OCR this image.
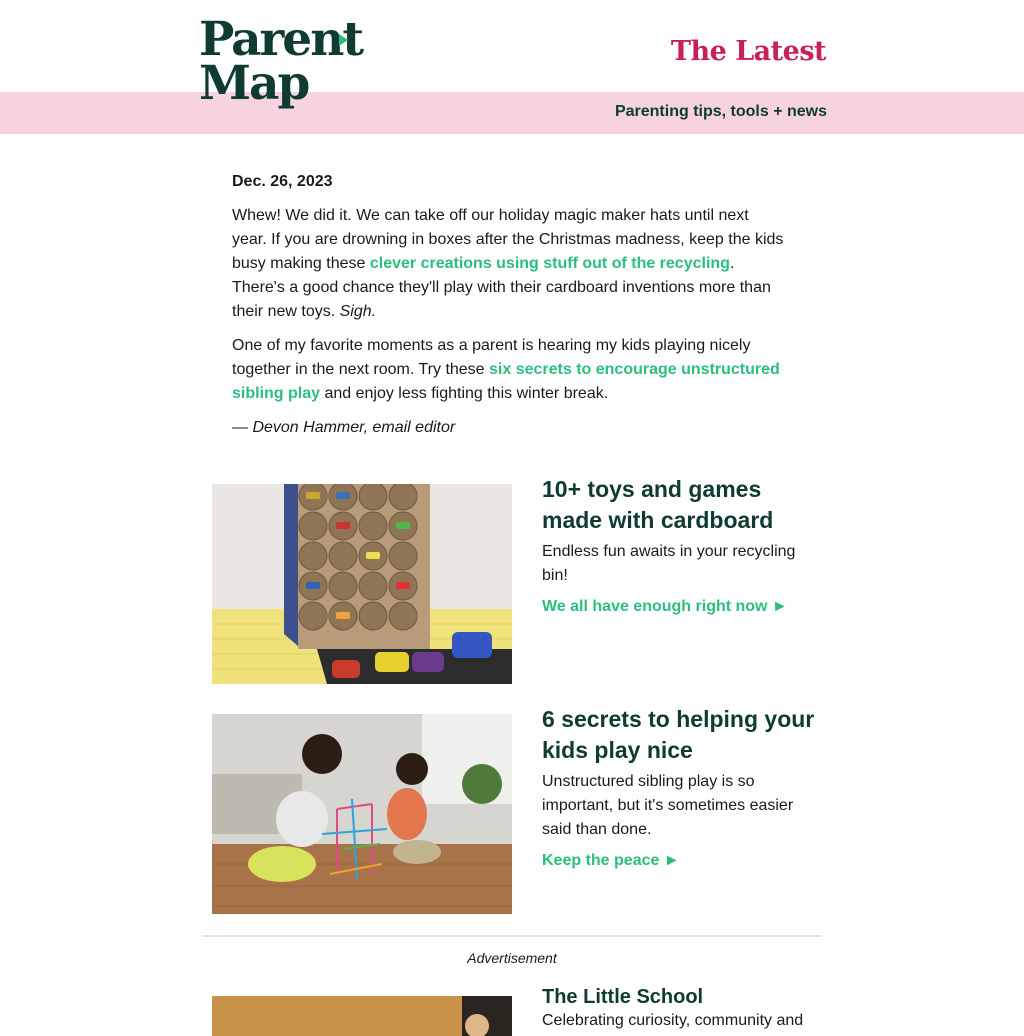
Parent
Map
The Latest
Parenting tips, tools + news
Dec. 26, 2023

Whew! We did it. We can take off our holiday magic maker hats until next year. If you are drowning in boxes after the Christmas madness, keep the kids busy making these clever creations using stuff out of the recycling. There's a good chance they'll play with their cardboard inventions more than their new toys. Sigh.

One of my favorite moments as a parent is hearing my kids playing nicely together in the next room. Try these six secrets to encourage unstructured sibling play and enjoy less fighting this winter break.

— Devon Hammer, email editor
10+ toys and games made with cardboard
Endless fun awaits in your recycling bin!
We all have enough right now ►
6 secrets to helping your kids play nice
Unstructured sibling play is so important, but it's sometimes easier said than done.
Keep the peace ►
Advertisement
The Little School
Celebrating curiosity, community and
